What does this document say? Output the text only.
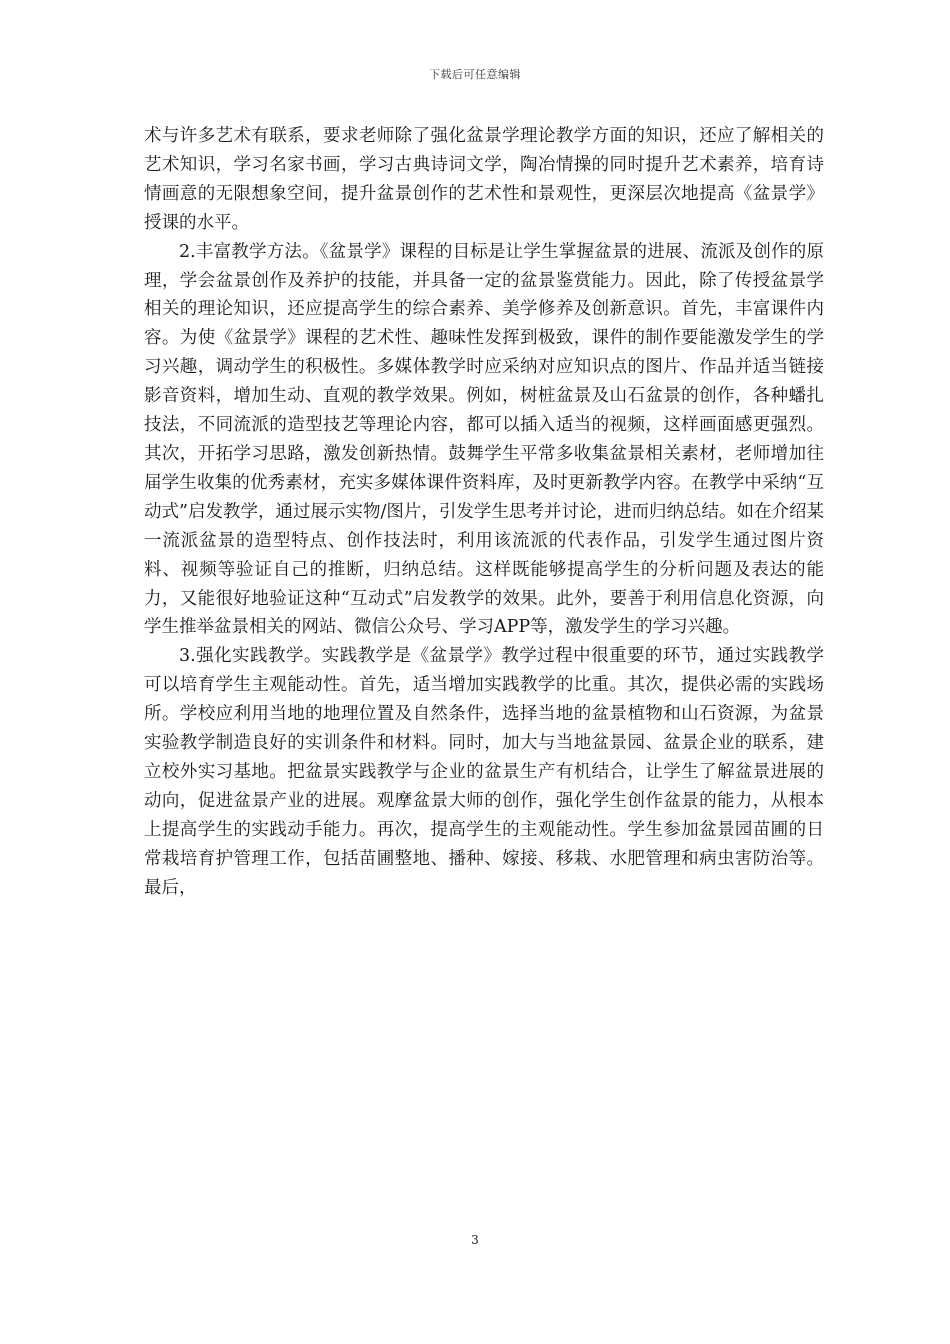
下载后可任意编辑

术与许多艺术有联系，要求老师除了强化盆景学理论教学方面的知识，还应了解相关的艺术知识，学习名家书画，学习古典诗词文学，陶冶情操的同时提升艺术素养，培育诗情画意的无限想象空间，提升盆景创作的艺术性和景观性，更深层次地提高《盆景学》授课的水平。

2.丰富教学方法。《盆景学》课程的目标是让学生掌握盆景的进展、流派及创作的原理，学会盆景创作及养护的技能，并具备一定的盆景鉴赏能力。因此，除了传授盆景学相关的理论知识，还应提高学生的综合素养、美学修养及创新意识。首先，丰富课件内容。为使《盆景学》课程的艺术性、趣味性发挥到极致，课件的制作要能激发学生的学习兴趣，调动学生的积极性。多媒体教学时应采纳对应知识点的图片、作品并适当链接影音资料，增加生动、直观的教学效果。例如，树桩盆景及山石盆景的创作，各种蟠扎技法，不同流派的造型技艺等理论内容，都可以插入适当的视频，这样画面感更强烈。其次，开拓学习思路，激发创新热情。鼓舞学生平常多收集盆景相关素材，老师增加往届学生收集的优秀素材，充实多媒体课件资料库，及时更新教学内容。在教学中采纳“互动式”启发教学，通过展示实物/图片，引发学生思考并讨论，进而归纳总结。如在介绍某一流派盆景的造型特点、创作技法时，利用该流派的代表作品，引发学生通过图片资料、视频等验证自己的推断，归纳总结。这样既能够提高学生的分析问题及表达的能力，又能很好地验证这种“互动式”启发教学的效果。此外，要善于利用信息化资源，向学生推举盆景相关的网站、微信公众号、学习APP等，激发学生的学习兴趣。

3.强化实践教学。实践教学是《盆景学》教学过程中很重要的环节，通过实践教学可以培育学生主观能动性。首先，适当增加实践教学的比重。其次，提供必需的实践场所。学校应利用当地的地理位置及自然条件，选择当地的盆景植物和山石资源，为盆景实验教学制造良好的实训条件和材料。同时，加大与当地盆景园、盆景企业的联系，建立校外实习基地。把盆景实践教学与企业的盆景生产有机结合，让学生了解盆景进展的动向，促进盆景产业的进展。观摩盆景大师的创作，强化学生创作盆景的能力，从根本上提高学生的实践动手能力。再次，提高学生的主观能动性。学生参加盆景园苗圃的日常栽培育护管理工作，包括苗圃整地、播种、嫁接、移栽、水肥管理和病虫害防治等。最后，

3
